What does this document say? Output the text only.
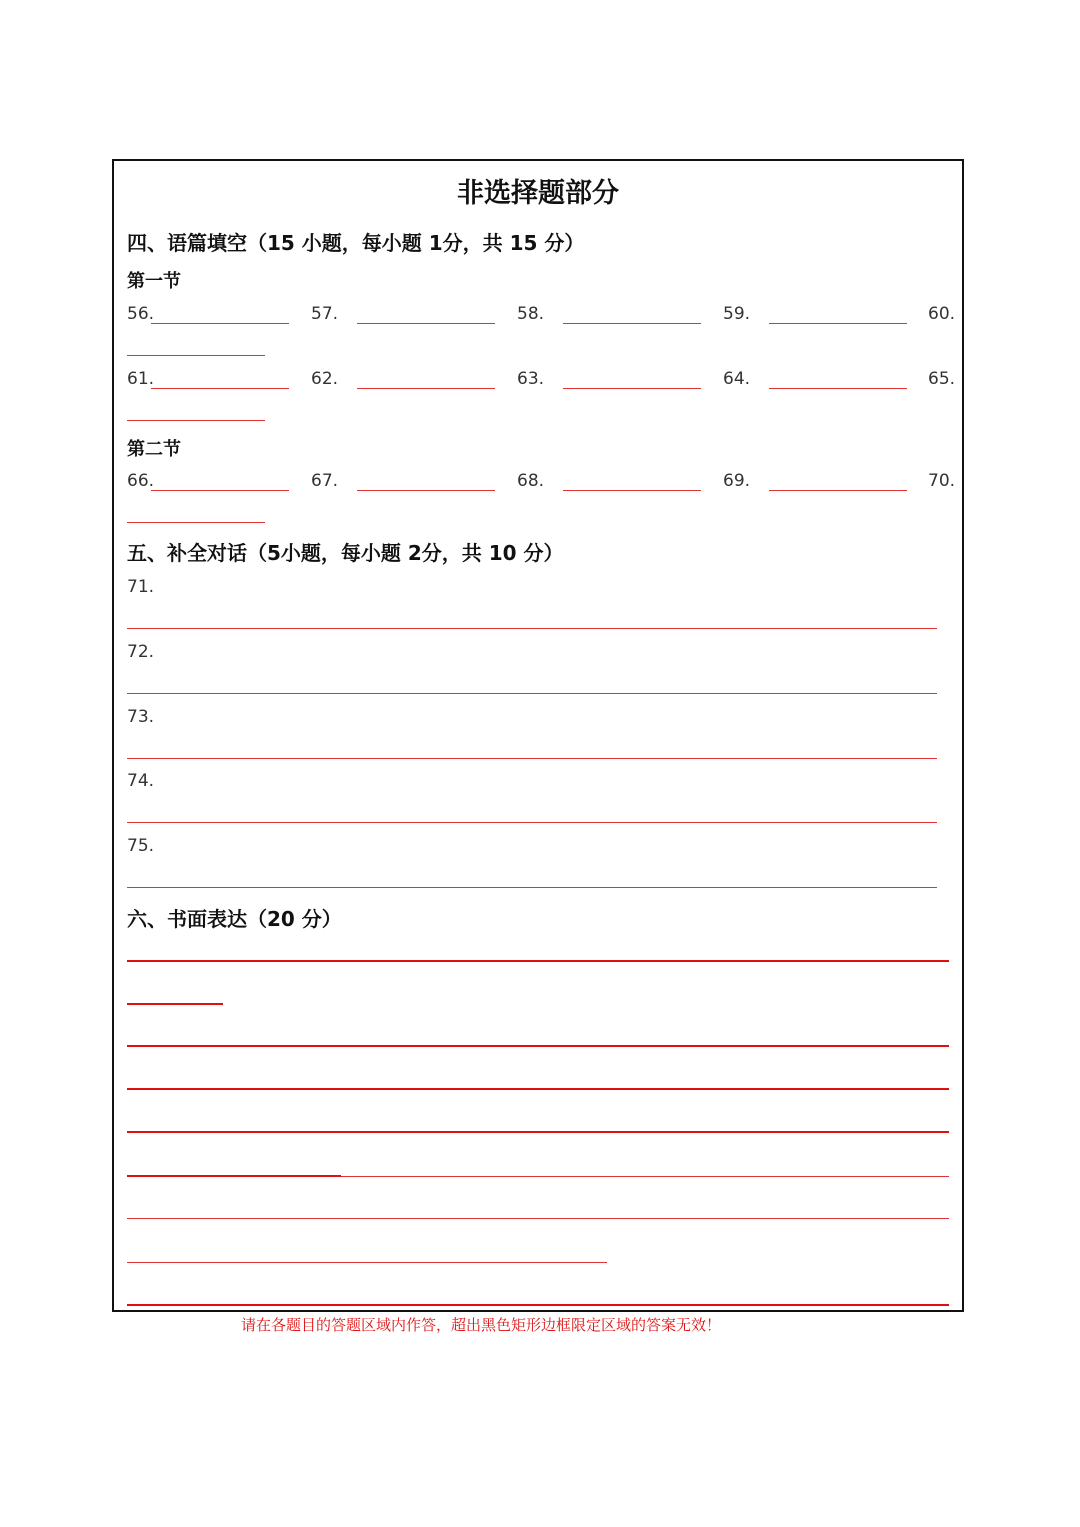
非选择题部分
四、语篇填空（15 小题，每小题 1分，共 15 分）
第一节
56.	57.	58.	59.	60.
61.	62.	63.	64.	65.
第二节
66.	67.	68.	69.	70.
五、补全对话（5小题，每小题 2分，共 10 分）
71.
72.
73.
74.
75.
六、书面表达（20 分）
请在各题目的答题区域内作答，超出黑色矩形边框限定区域的答案无效！
